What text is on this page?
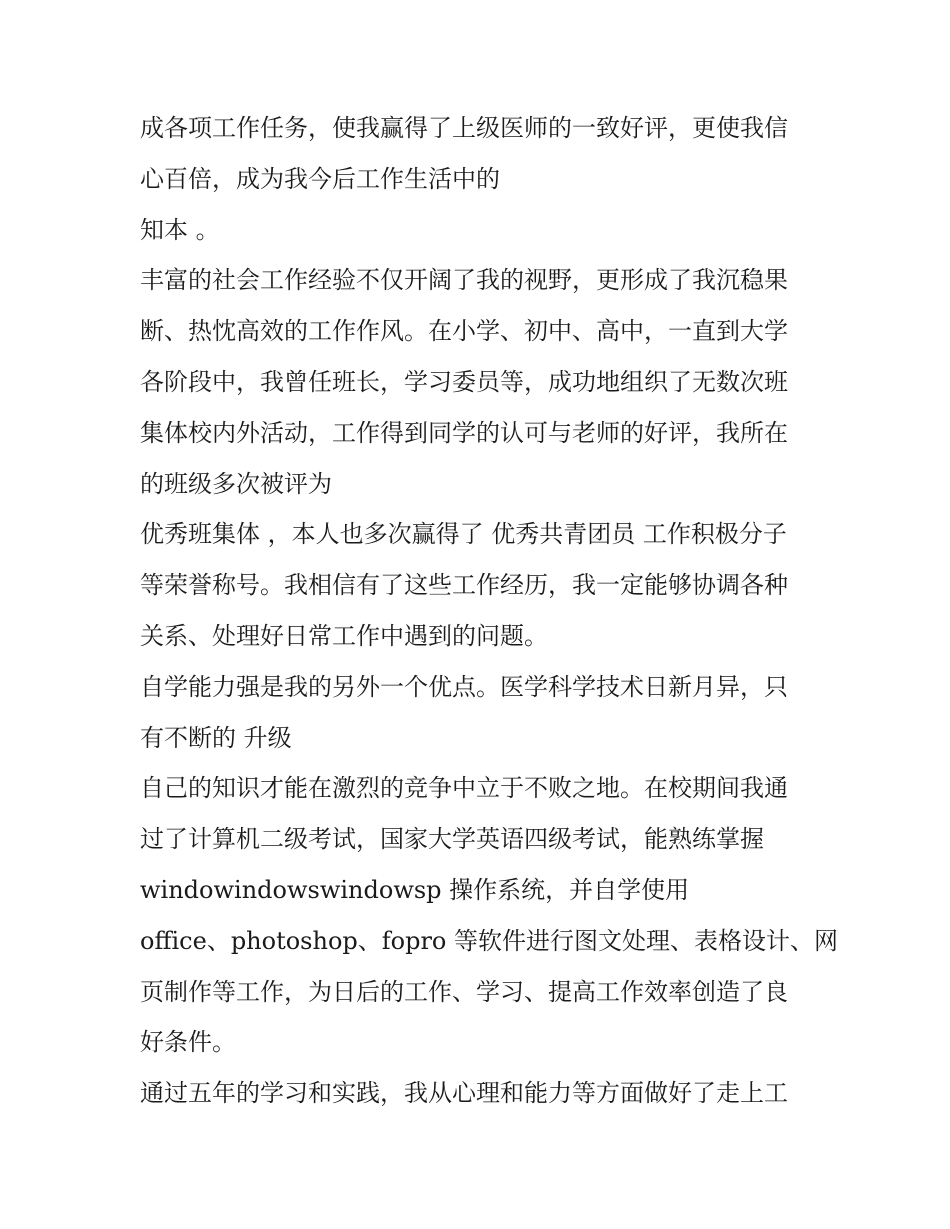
成各项工作任务，使我赢得了上级医师的一致好评，更使我信
心百倍，成为我今后工作生活中的
知本 。
丰富的社会工作经验不仅开阔了我的视野，更形成了我沉稳果
断、热忱高效的工作作风。在小学、初中、高中，一直到大学
各阶段中，我曾任班长，学习委员等，成功地组织了无数次班
集体校内外活动，工作得到同学的认可与老师的好评，我所在
的班级多次被评为
优秀班集体 ，本人也多次赢得了 优秀共青团员 工作积极分子
等荣誉称号。我相信有了这些工作经历，我一定能够协调各种
关系、处理好日常工作中遇到的问题。
自学能力强是我的另外一个优点。医学科学技术日新月异，只
有不断的 升级
自己的知识才能在激烈的竞争中立于不败之地。在校期间我通
过了计算机二级考试，国家大学英语四级考试，能熟练掌握
windowindowswindowsp 操作系统，并自学使用
office、photoshop、fopro 等软件进行图文处理、表格设计、网
页制作等工作，为日后的工作、学习、提高工作效率创造了良
好条件。
通过五年的学习和实践，我从心理和能力等方面做好了走上工
